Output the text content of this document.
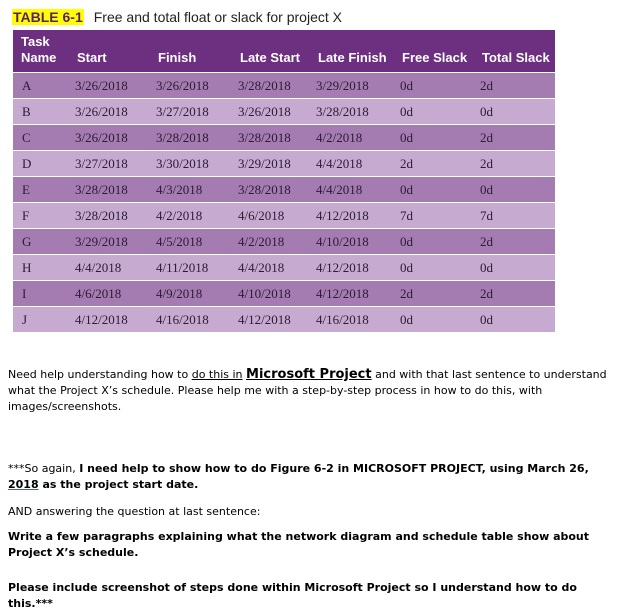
TABLE 6-1 Free and total float or slack for project X
Task
Name	Start	Finish	Late Start	Late Finish	Free Slack	Total Slack
A	3/26/2018	3/26/2018	3/28/2018	3/29/2018	0d	2d
B	3/26/2018	3/27/2018	3/26/2018	3/28/2018	0d	0d
C	3/26/2018	3/28/2018	3/28/2018	4/2/2018	0d	2d
D	3/27/2018	3/30/2018	3/29/2018	4/4/2018	2d	2d
E	3/28/2018	4/3/2018	3/28/2018	4/4/2018	0d	0d
F	3/28/2018	4/2/2018	4/6/2018	4/12/2018	7d	7d
G	3/29/2018	4/5/2018	4/2/2018	4/10/2018	0d	2d
H	4/4/2018	4/11/2018	4/4/2018	4/12/2018	0d	0d
I	4/6/2018	4/9/2018	4/10/2018	4/12/2018	2d	2d
J	4/12/2018	4/16/2018	4/12/2018	4/16/2018	0d	0d
Need help understanding how to do this in Microsoft Project and with that last sentence to understand what the Project X’s schedule. Please help me with a step-by-step process in how to do this, with images/screenshots.
***So again, I need help to show how to do Figure 6-2 in MICROSOFT PROJECT, using March 26, 2018 as the project start date.
AND answering the question at last sentence:
Write a few paragraphs explaining what the network diagram and schedule table show about Project X’s schedule.
Please include screenshot of steps done within Microsoft Project so I understand how to do this.***
